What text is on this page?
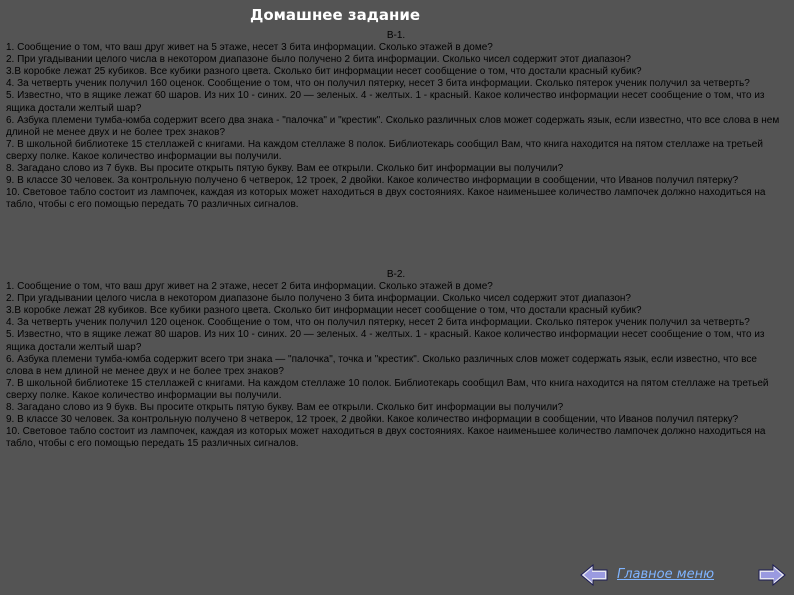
Домашнее задание
В-1.

1. Сообщение о том, что ваш друг живет на 5 этаже, несет 3 бита информации. Сколько этажей в доме?

2. При угадывании целого числа в некотором диапазоне было получено 2 бита информации. Сколько чисел содержит этот диапазон?

3.В коробке лежат 25 кубиков. Все кубики разного цвета. Сколько бит информации несет сообщение о том, что достали красный кубик?

4. За четверть ученик получил 160 оценок. Сообщение о том, что он получил пятерку, несет 3 бита информации. Сколько пятерок ученик получил за четверть?

5. Известно, что в ящике лежат 60 шаров. Из них 10 - синих. 20 — зеленых. 4 - желтых. 1 - красный. Какое количество информации несет сообщение о том, что из ящика достали желтый шар?

6. Азбука племени тумба-юмба содержит всего два знака - "палочка" и "крестик". Сколько различных слов может содержать язык, если известно, что все слова в нем длиной не менее двух и не более трех знаков?

7. В школьной библиотеке 15 стеллажей с книгами. На каждом стеллаже 8 полок. Библиотекарь сообщил Вам, что книга находится на пятом стеллаже на третьей сверху полке. Какое количество информации вы получили.

8. Загадано слово из 7 букв. Вы просите открыть пятую букву. Вам ее открыли. Сколько бит информации вы получили?

9. В классе 30 человек. За контрольную получено 6 четверок, 12 троек, 2 двойки. Какое количество информации в сообщении, что Иванов получил пятерку?

10. Световое табло состоит из лампочек, каждая из которых может находиться в двух состояниях. Какое наименьшее количество лампочек должно находиться на табло, чтобы с его помощью передать 70 различных сигналов.

В-2.

1. Сообщение о том, что ваш друг живет на 2 этаже, несет 2 бита информации. Сколько этажей в доме?

2. При угадывании целого числа в некотором диапазоне было получено 3 бита информации. Сколько чисел содержит этот диапазон?

3.В коробке лежат 28 кубиков. Все кубики разного цвета. Сколько бит информации несет сообщение о том, что достали красный кубик?

4. За четверть ученик получил 120 оценок. Сообщение о том, что он получил пятерку, несет 2 бита информации. Сколько пятерок ученик получил за четверть?

5. Известно, что в ящике лежат 80 шаров. Из них 10 - синих. 20 — зеленых. 4 - желтых. 1 - красный. Какое количество информации несет сообщение о том, что из ящика достали желтый шар?

6. Азбука племени тумба-юмба содержит всего три знака — "палочка", точка и "крестик". Сколько различных слов может содержать язык, если известно, что все слова в нем длиной не менее двух и не более трех знаков?

7. В школьной библиотеке 15 стеллажей с книгами. На каждом стеллаже 10 полок. Библиотекарь сообщил Вам, что книга находится на пятом стеллаже на третьей сверху полке. Какое количество информации вы получили.

8. Загадано слово из 9 букв. Вы просите открыть пятую букву. Вам ее открыли. Сколько бит информации вы получили?

9. В классе 30 человек. За контрольную получено 8 четверок, 12 троек, 2 двойки. Какое количество информации в сообщении, что Иванов получил пятерку?

10. Световое табло состоит из лампочек, каждая из которых может находиться в двух состояниях. Какое наименьшее количество лампочек должно находиться на табло, чтобы с его помощью передать 15 различных сигналов.

Главное меню
